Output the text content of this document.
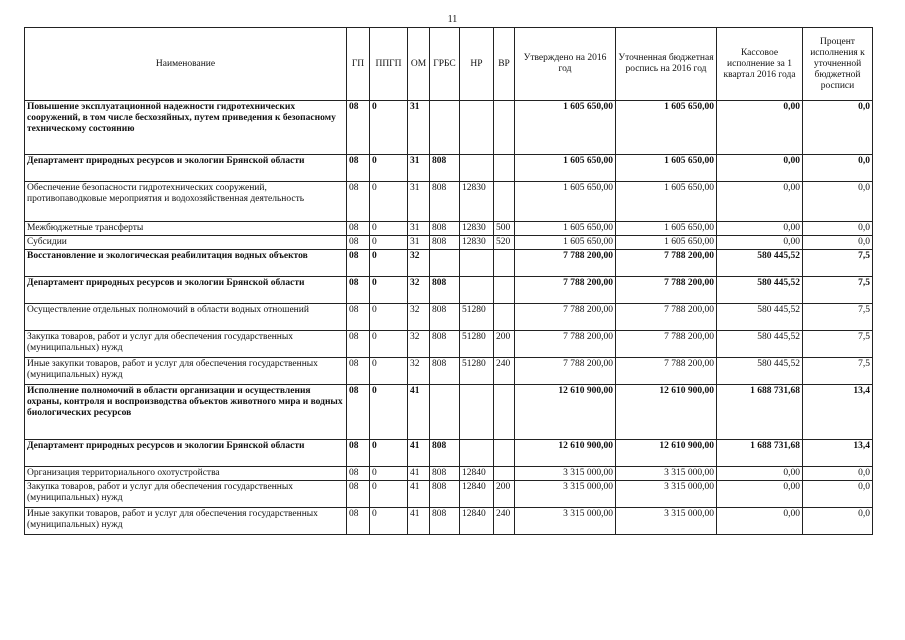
11
Наименование	ГП	ППГП	ОМ	ГРБС	НР	ВР	Утверждено на 2016 год	Уточненная бюджетная роспись на 2016 год	Кассовое исполнение за 1 квартал 2016 года	Процент исполнения к уточненной бюджетной росписи
Повышение эксплуатационной надежности гидротехнических сооружений, в том числе бесхозяйных, путем приведения к безопасному техническому состоянию	08	0	31				1 605 650,00	1 605 650,00	0,00	0,0
Департамент природных ресурсов и экологии Брянской области	08	0	31	808			1 605 650,00	1 605 650,00	0,00	0,0
Обеспечение безопасности гидротехнических сооружений, противопаводковые мероприятия и водохозяйственная деятельность	08	0	31	808	12830		1 605 650,00	1 605 650,00	0,00	0,0
Межбюджетные трансферты	08	0	31	808	12830	500	1 605 650,00	1 605 650,00	0,00	0,0
Субсидии	08	0	31	808	12830	520	1 605 650,00	1 605 650,00	0,00	0,0
Восстановление и экологическая реабилитация водных объектов	08	0	32				7 788 200,00	7 788 200,00	580 445,52	7,5
Департамент природных ресурсов и экологии Брянской области	08	0	32	808			7 788 200,00	7 788 200,00	580 445,52	7,5
Осуществление отдельных полномочий в области водных отношений	08	0	32	808	51280		7 788 200,00	7 788 200,00	580 445,52	7,5
Закупка товаров, работ и услуг для обеспечения государственных (муниципальных) нужд	08	0	32	808	51280	200	7 788 200,00	7 788 200,00	580 445,52	7,5
Иные закупки товаров, работ и услуг для обеспечения государственных (муниципальных) нужд	08	0	32	808	51280	240	7 788 200,00	7 788 200,00	580 445,52	7,5
Исполнение полномочий в области организации и осуществления охраны, контроля и воспроизводства объектов животного мира и водных биологических ресурсов	08	0	41				12 610 900,00	12 610 900,00	1 688 731,68	13,4
Департамент природных ресурсов и экологии Брянской области	08	0	41	808			12 610 900,00	12 610 900,00	1 688 731,68	13,4
Организация территориального охотустройства	08	0	41	808	12840		3 315 000,00	3 315 000,00	0,00	0,0
Закупка товаров, работ и услуг для обеспечения государственных (муниципальных) нужд	08	0	41	808	12840	200	3 315 000,00	3 315 000,00	0,00	0,0
Иные закупки товаров, работ и услуг для обеспечения государственных (муниципальных) нужд	08	0	41	808	12840	240	3 315 000,00	3 315 000,00	0,00	0,0
